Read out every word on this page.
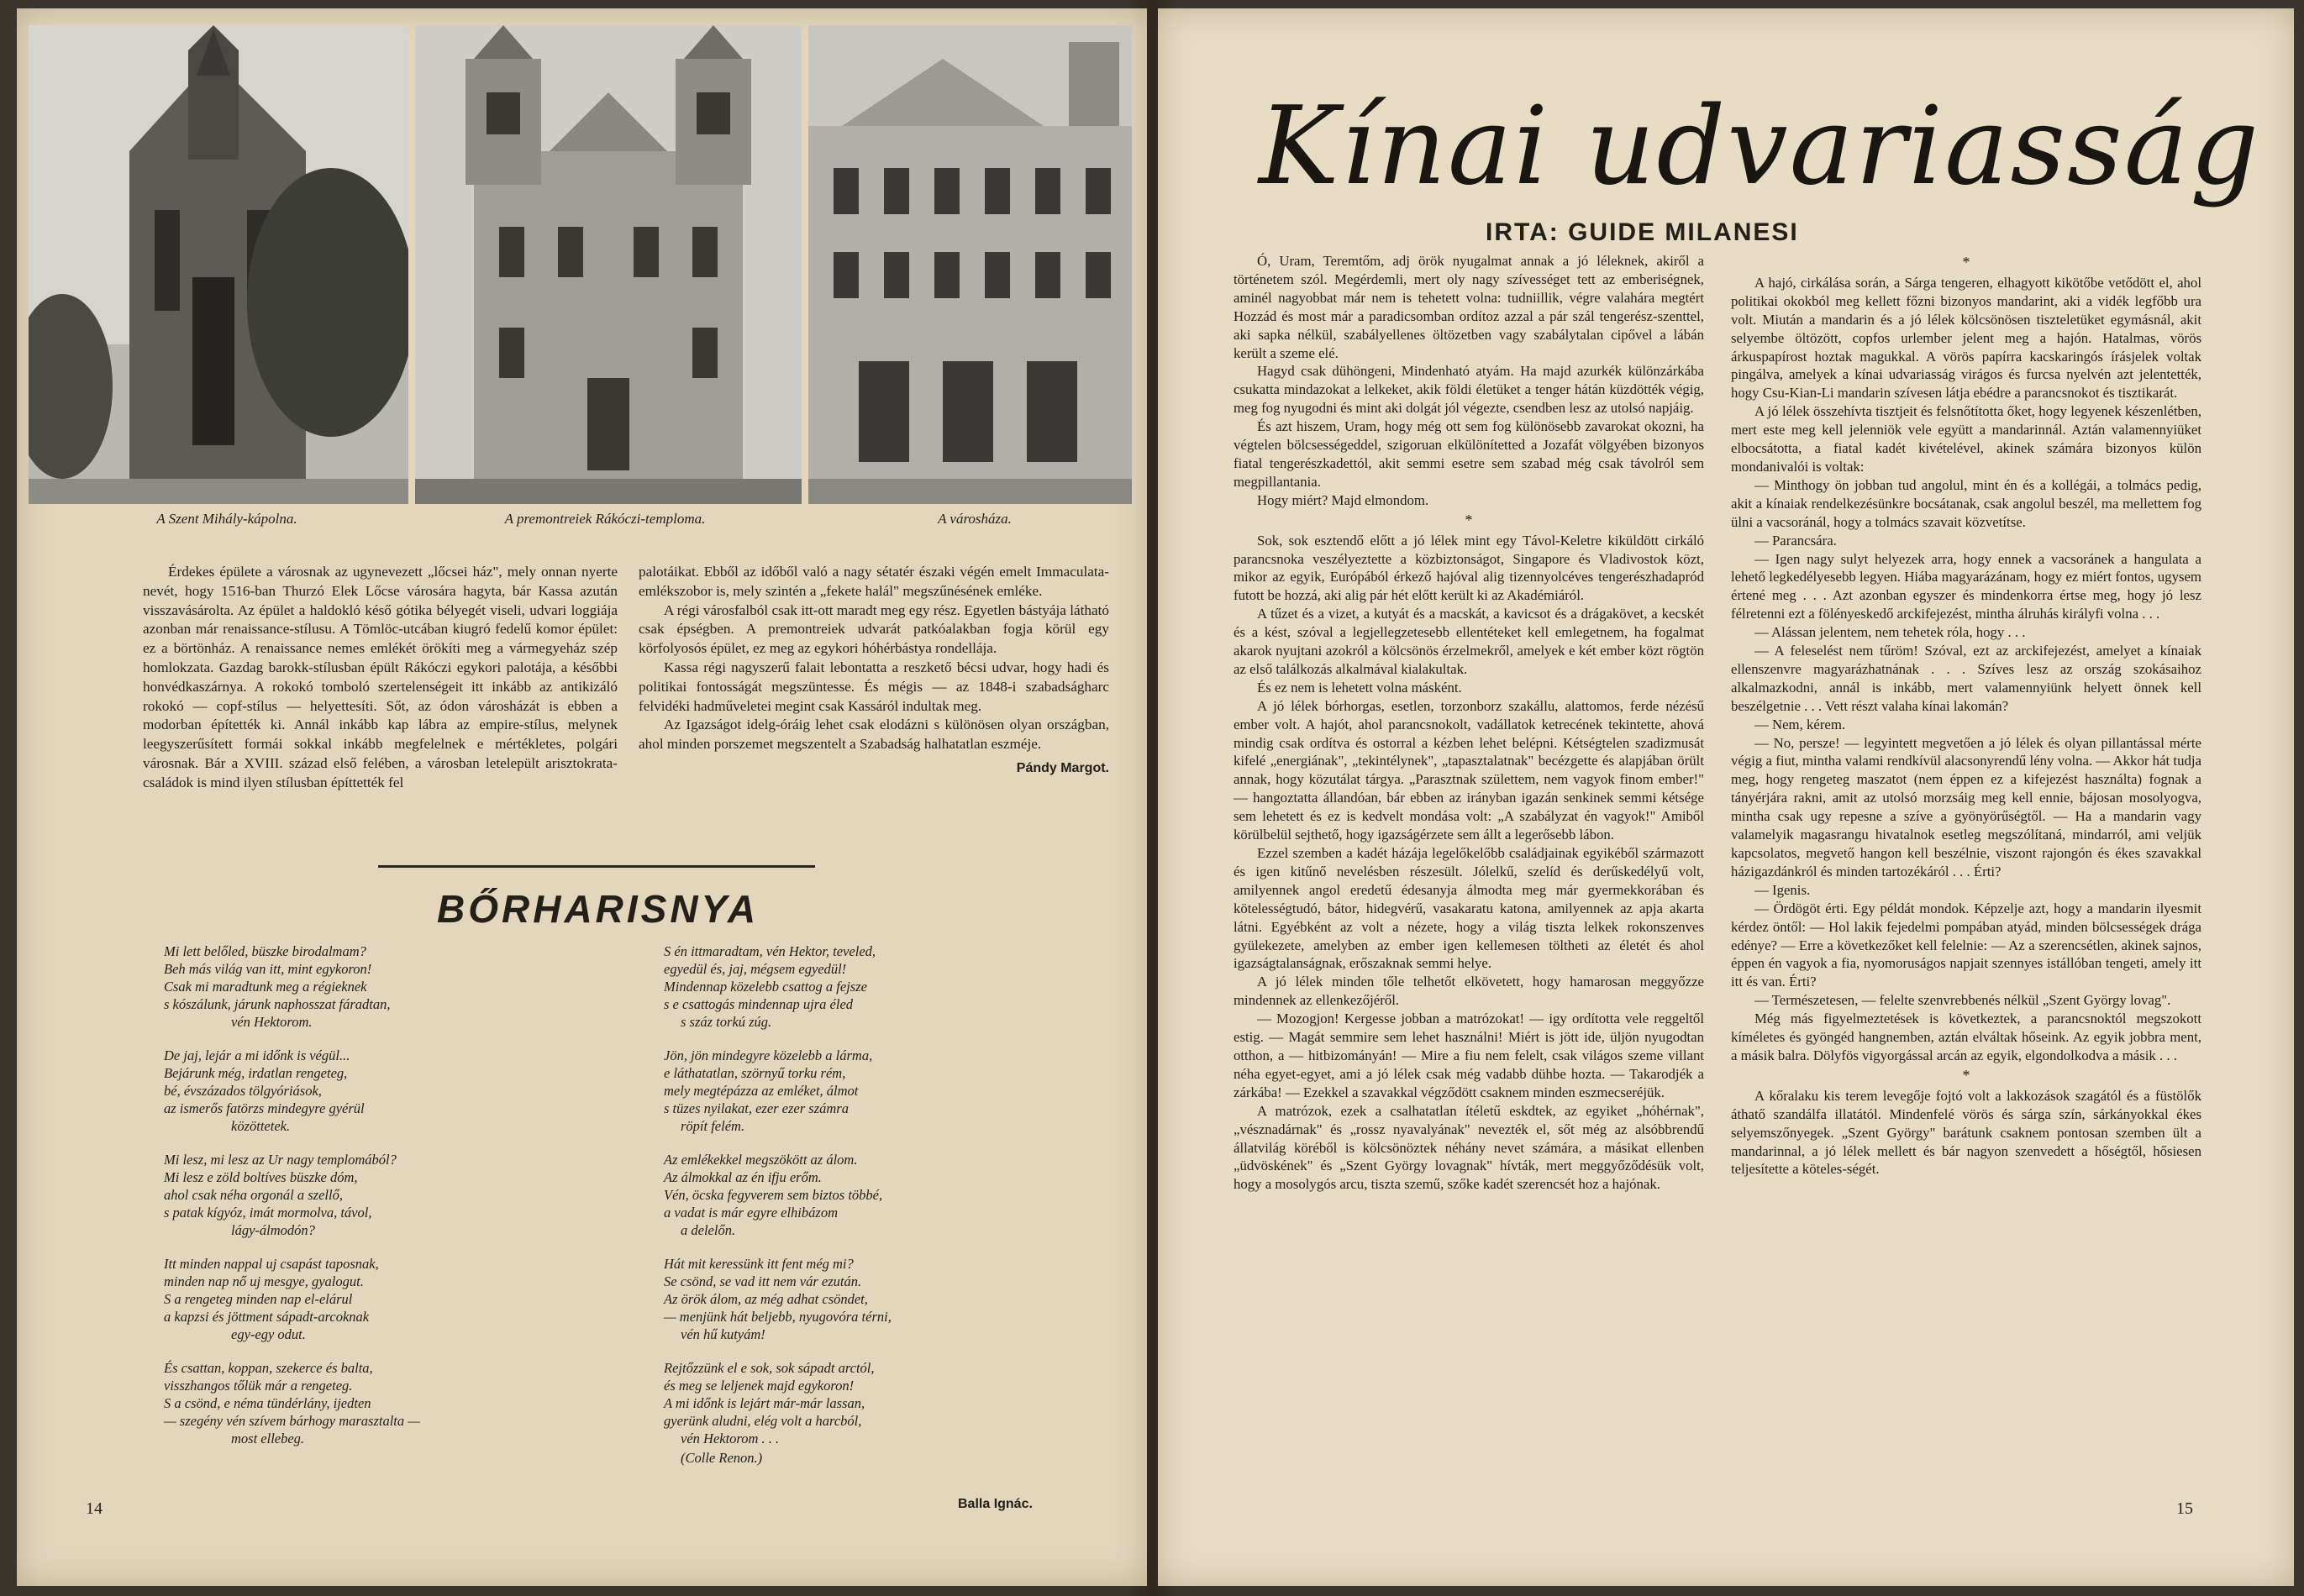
A Szent Mihály-kápolna.	A premontreiek Rákóczi-temploma.	A városháza.

Érdekes épülete a városnak az ugynevezett „lőcsei ház", mely onnan nyerte nevét, hogy 1516-ban Thurzó Elek Lőcse városára hagyta, bár Kassa azután visszavásárolta. Az épület a haldokló késő gótika bélyegét viseli, udvari loggiája azonban már renaissance-stílusu. A Tömlöc-utcában kiugró fedelű komor épület: ez a börtönház. A renaissance nemes emlékét örökíti meg a vármegyeház szép homlokzata. Gazdag barokk-stílusban épült Rákóczi egykori palotája, a későbbi honvédkaszárnya. A rokokó tomboló szertelenségeit itt inkább az antikizáló rokokó — copf-stílus — helyettesíti. Sőt, az ódon városházát is ebben a modorban építették ki. Annál inkább kap lábra az empire-stílus, melynek leegyszerűsített formái sokkal inkább megfelelnek e mértékletes, polgári városnak. Bár a XVIII. század első felében, a városban letelepült arisztokrata-családok is mind ilyen stílusban építtették fel

palotáikat. Ebből az időből való a nagy sétatér északi végén emelt Immaculata-emlékszobor is, mely szintén a „fekete halál" megszűnésének emléke.

A régi városfalból csak itt-ott maradt meg egy rész. Egyetlen bástyája látható csak épségben. A premontreiek udvarát patkóalakban fogja körül egy körfolyosós épület, ez meg az egykori hóhérbástya rondellája.

Kassa régi nagyszerű falait lebontatta a reszkető bécsi udvar, hogy hadi és politikai fontosságát megszüntesse. És mégis — az 1848-i szabadságharc felvidéki hadműveletei megint csak Kassáról indultak meg.

Az Igazságot idelg-óráig lehet csak elodázni s különösen olyan országban, ahol minden porszemet megszentelt a Szabadság halhatatlan eszméje.

Pándy Margot.
BŐRHARISNYA
Mi lett belőled, büszke birodalmam?
Beh más világ van itt, mint egykoron!
Csak mi maradtunk meg a régieknek
s kószálunk, járunk naphosszat fáradtan,
vén Hektorom.
De jaj, lejár a mi időnk is végül...
Bejárunk még, irdatlan rengeteg,
bé, évszázados tölgyóriások,
az ismerős fatörzs mindegyre gyérül
közöttetek.
Mi lesz, mi lesz az Ur nagy templomából?
Mi lesz e zöld boltíves büszke dóm,
ahol csak néha orgonál a szellő,
s patak kígyóz, imát mormolva, távol,
lágy-álmodón?
Itt minden nappal uj csapást taposnak,
minden nap nő uj mesgye, gyalogut.
S a rengeteg minden nap el-elárul
a kapzsi és jöttment sápadt-arcoknak
egy-egy odut.
És csattan, koppan, szekerce és balta,
visszhangos tőlük már a rengeteg.
S a csönd, e néma tündérlány, ijedten
— szegény vén szívem bárhogy marasztalta —
most ellebeg.
S én ittmaradtam, vén Hektor, teveled,
egyedül és, jaj, mégsem egyedül!
Mindennap közelebb csattog a fejsze
s e csattogás mindennap ujra éled
s száz torkú zúg.
Jön, jön mindegyre közelebb a lárma,
e láthatatlan, szörnyű torku rém,
mely megtépázza az emléket, álmot
s tüzes nyilakat, ezer ezer számra
röpít felém.
Az emlékekkel megszökött az álom.
Az álmokkal az én ifju erőm.
Vén, öcska fegyverem sem biztos többé,
a vadat is már egyre elhibázom
a delelőn.
Hát mit keressünk itt fent még mi?
Se csönd, se vad itt nem vár ezután.
Az örök álom, az még adhat csöndet,
— menjünk hát beljebb, nyugovóra térni,
vén hű kutyám!
Rejtőzzünk el e sok, sok sápadt arctól,
és meg se leljenek majd egykoron!
A mi időnk is lejárt már-már lassan,
gyerünk aludni, elég volt a harcból,
vén Hektorom . . .
(Colle Renon.)
Balla Ignác.
14
Kínai udvariasság
IRTA: GUIDE MILANESI

Ó, Uram, Teremtőm, adj örök nyugalmat annak a jó léleknek, akiről a történetem szól. Megérdemli, mert oly nagy szívességet tett az emberiségnek, aminél nagyobbat már nem is tehetett volna: tudniillik, végre valahára megtért Hozzád és most már a paradicsomban ordítoz azzal a pár szál tengerész-szenttel, aki sapka nélkül, szabályellenes öltözetben vagy szabálytalan cipővel a lábán került a szeme elé.

Hagyd csak dühöngeni, Mindenható atyám. Ha majd azurkék különzárkába csukatta mindazokat a lelkeket, akik földi életüket a tenger hátán küzdötték végig, meg fog nyugodni és mint aki dolgát jól végezte, csendben lesz az utolsó napjáig.

És azt hiszem, Uram, hogy még ott sem fog különösebb zavarokat okozni, ha végtelen bölcsességeddel, szigoruan elkülönítetted a Jozafát völgyében bizonyos fiatal tengerészkadettól, akit semmi esetre sem szabad még csak távolról sem megpillantania.

Hogy miért? Majd elmondom.

*

Sok, sok esztendő előtt a jó lélek mint egy Távol-Keletre kiküldött cirkáló parancsnoka veszélyeztette a közbiztonságot, Singapore és Vladivostok közt, mikor az egyik, Európából érkező hajóval alig tizennyolcéves tengerészhadapród futott be hozzá, aki alig pár hét előtt került ki az Akadémiáról.

A tűzet és a vizet, a kutyát és a macskát, a kavicsot és a drágakövet, a kecskét és a kést, szóval a legjellegzetesebb ellentéteket kell emlegetnem, ha fogalmat akarok nyujtani azokról a kölcsönös érzelmekről, amelyek e két ember közt rögtön az első találkozás alkalmával kialakultak.

És ez nem is lehetett volna másként.

A jó lélek bórhorgas, esetlen, torzonborz szakállu, alattomos, ferde nézésű ember volt. A hajót, ahol parancsnokolt, vadállatok ketrecének tekintette, ahová mindig csak ordítva és ostorral a kézben lehet belépni. Kétségtelen szadizmusát kifelé „energiának", „tekintélynek", „tapasztalatnak" becézgette és alapjában örült annak, hogy közutálat tárgya. „Parasztnak születtem, nem vagyok finom ember!" — hangoztatta állandóan, bár ebben az irányban igazán senkinek semmi kétsége sem lehetett és ez is kedvelt mondása volt: „A szabályzat én vagyok!" Amiből körülbelül sejthető, hogy igazságérzete sem állt a legerősebb lábon.

Ezzel szemben a kadét házája legelőkelőbb családjainak egyikéből származott és igen kitűnő nevelésben részesült. Jólelkű, szelíd és derűskedélyű volt, amilyennek angol eredetű édesanyja álmodta meg már gyermekkorában és kötelességtudó, bátor, hidegvérű, vasakaratu katona, amilyennek az apja akarta látni. Egyébként az volt a nézete, hogy a világ tiszta lelkek rokonszenves gyülekezete, amelyben az ember igen kellemesen töltheti az életét és ahol igazságtalanságnak, erőszaknak semmi helye.

A jó lélek minden tőle telhetőt elkövetett, hogy hamarosan meggyőzze mindennek az ellenkezőjéről.

— Mozogjon! Kergesse jobban a matrózokat! — igy ordította vele reggeltől estig. — Magát semmire sem lehet használni! Miért is jött ide, üljön nyugodtan otthon, a — hitbizományán! — Mire a fiu nem felelt, csak világos szeme villant néha egyet-egyet, ami a jó lélek csak még vadabb dühbe hozta. — Takarodjék a zárkába! — Ezekkel a szavakkal végződött csaknem minden eszmecseréjük.

A matrózok, ezek a csalhatatlan ítéletű eskdtek, az egyiket „hóhérnak", „vésznadárnak" és „rossz nyavalyának" nevezték el, sőt még az alsóbbrendű állatvilág köréből is kölcsönöztek néhány nevet számára, a másikat ellenben „üdvöskének" és „Szent György lovagnak" hívták, mert meggyőződésük volt, hogy a mosolygós arcu, tiszta szemű, szőke kadét szerencsét hoz a hajónak.

*

A hajó, cirkálása során, a Sárga tengeren, elhagyott kikötőbe vetődött el, ahol politikai okokból meg kellett főzni bizonyos mandarint, aki a vidék legfőbb ura volt. Miután a mandarin és a jó lélek kölcsönösen tiszteletüket egymásnál, akit selyembe öltözött, copfos urlember jelent meg a hajón. Hatalmas, vörös árkuspapírost hoztak magukkal. A vörös papírra kacskaringós írásjelek voltak pingálva, amelyek a kínai udvariasság virágos és furcsa nyelvén azt jelentették, hogy Csu-Kian-Li mandarin szívesen látja ebédre a parancsnokot és tisztikarát.

A jó lélek összehívta tisztjeit és felsnőtította őket, hogy legyenek készenlétben, mert este meg kell jelenniök vele együtt a mandarinnál. Aztán valamennyiüket elbocsátotta, a fiatal kadét kivételével, akinek számára bizonyos külön mondanivalói is voltak:

— Minthogy ön jobban tud angolul, mint én és a kollégái, a tolmács pedig, akit a kínaiak rendelkezésünkre bocsátanak, csak angolul beszél, ma mellettem fog ülni a vacsoránál, hogy a tolmács szavait közvetítse.

— Parancsára.

— Igen nagy sulyt helyezek arra, hogy ennek a vacsoránek a hangulata a lehető legkedélyesebb legyen. Hiába magyarázánam, hogy ez miért fontos, ugysem értené meg . . . Azt azonban egyszer és mindenkorra értse meg, hogy jó lesz félretenni ezt a fölényeskedő arckifejezést, mintha álruhás királyfi volna . . .

— Alássan jelentem, nem tehetek róla, hogy . . .

— A feleselést nem tűröm! Szóval, ezt az arckifejezést, amelyet a kínaiak ellenszenvre magyarázhatnának . . . Szíves lesz az ország szokásaihoz alkalmazkodni, annál is inkább, mert valamennyiünk helyett önnek kell beszélgetnie . . . Vett részt valaha kínai lakomán?

— Nem, kérem.

— No, persze! — legyintett megvetően a jó lélek és olyan pillantással mérte végig a fiut, mintha valami rendkívül alacsonyrendű lény volna. — Akkor hát tudja meg, hogy rengeteg maszatot (nem éppen ez a kifejezést használta) fognak a tányérjára rakni, amit az utolsó morzsáig meg kell ennie, bájosan mosolyogva, mintha csak ugy repesne a szíve a gyönyörűségtől. — Ha a mandarin vagy valamelyik magasrangu hivatalnok esetleg megszólítaná, mindarról, ami veljük kapcsolatos, megvető hangon kell beszélnie, viszont rajongón és ékes szavakkal házigazdánkról és minden tartozékáról . . . Érti?

— Igenis.

— Ördögöt érti. Egy példát mondok. Képzelje azt, hogy a mandarin ilyesmit kérdez öntől: — Hol lakik fejedelmi pompában atyád, minden bölcsességek drága edénye? — Erre a következőket kell felelnie: — Az a szerencsétlen, akinek sajnos, éppen én vagyok a fia, nyomoruságos napjait szennyes istállóban tengeti, amely itt itt és van. Érti?

— Természetesen, — felelte szenvrebbenés nélkül „Szent György lovag".

Még más figyelmeztetések is következtek, a parancsnoktól megszokott kíméletes és gyöngéd hangnemben, aztán elváltak hőseink. Az egyik jobbra ment, a másik balra. Dölyfös vigyorgással arcán az egyik, elgondolkodva a másik . . .

*

A kőralaku kis terem levegője fojtó volt a lakkozások szagától és a füstölők áthatő szandálfa illatától. Mindenfelé vörös és sárga szín, sárkányokkal ékes selyemszőnyegek. „Szent György" barátunk csaknem pontosan szemben ült a mandarinnal, a jó lélek mellett és bár nagyon szenvedett a hőségtől, hősiesen teljesítette a köteles-ségét.

15
